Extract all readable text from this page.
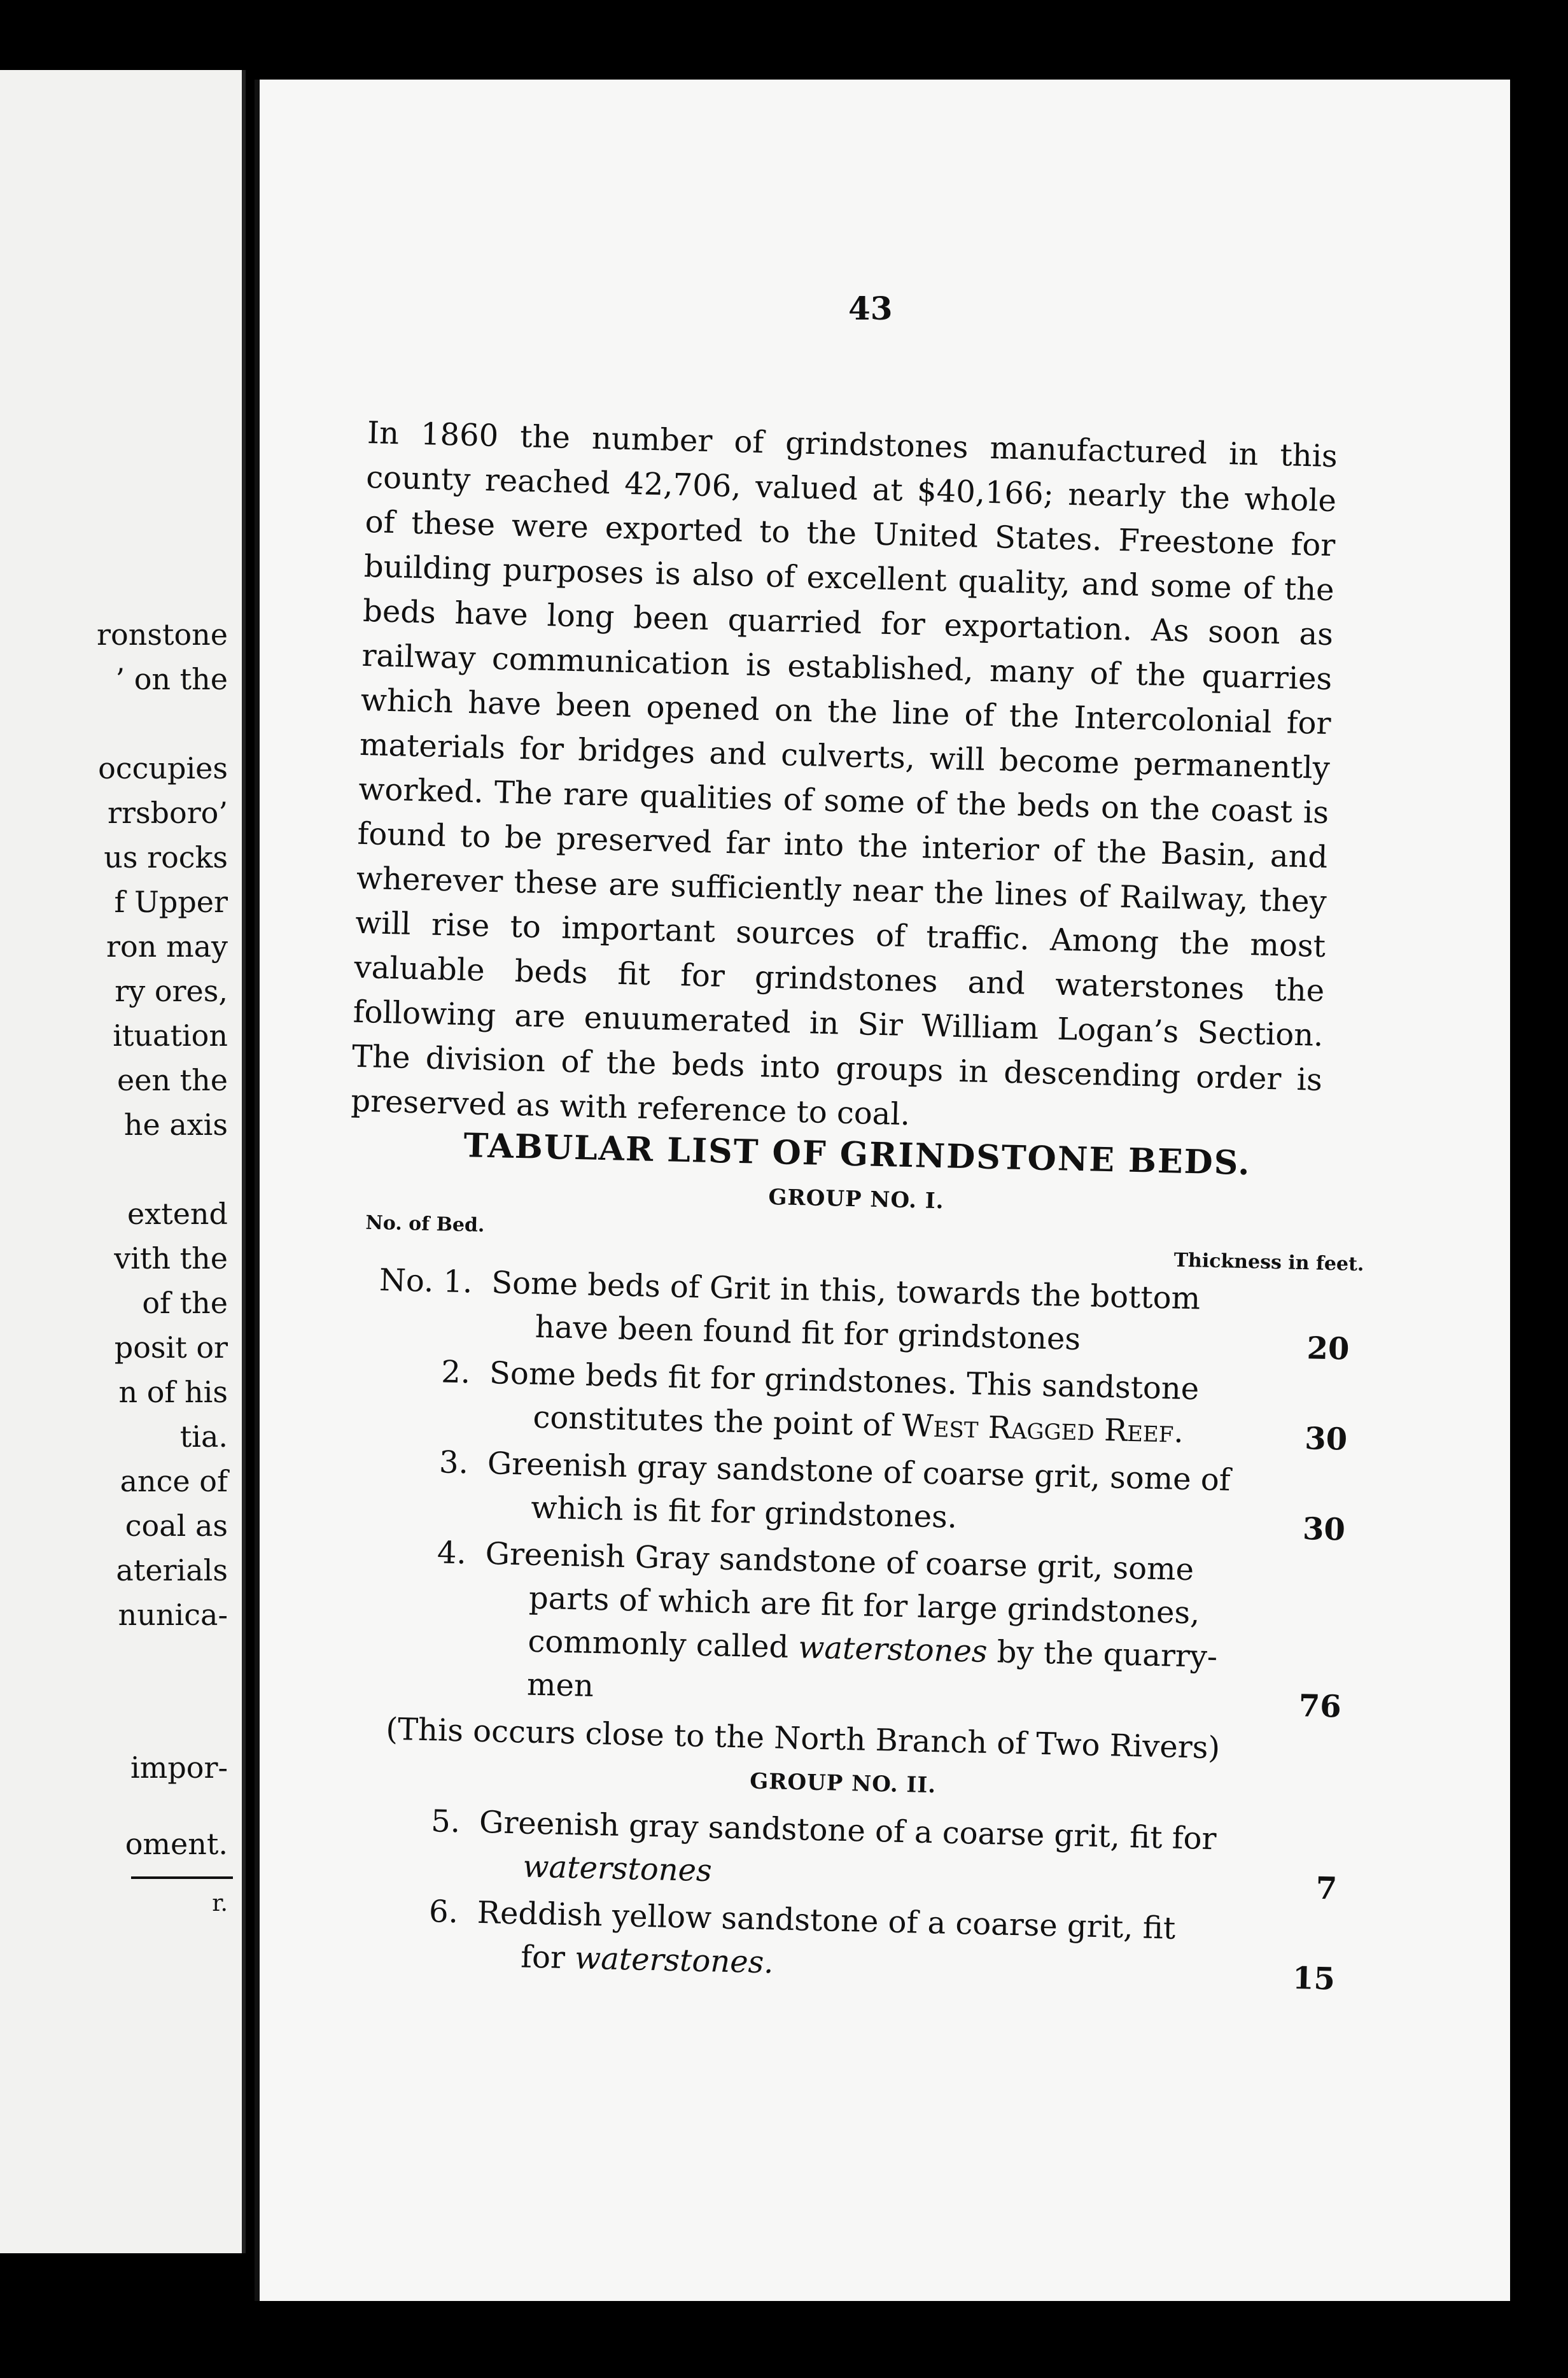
ronstone
’ on the
occupies
rrsboro’
us rocks
f Upper
ron may
ry ores,
ituation
een the
he axis
extend
vith the
of the
posit or
n of his
tia.
ance of
coal as
aterials
nunica-
impor-
oment.
r.
43

In 1860 the number of grindstones manufactured in this county reached 42,706, valued at $40,166; nearly the whole of these were exported to the United States. Freestone for building purposes is also of excellent quality, and some of the beds have long been quarried for exportation. As soon as railway communication is established, many of the quarries which have been opened on the line of the Intercolonial for materials for bridges and culverts, will become permanently worked. The rare qualities of some of the beds on the coast is found to be preserved far into the interior of the Basin, and wherever these are sufficiently near the lines of Railway, they will rise to important sources of traffic. Among the most valuable beds fit for grindstones and waterstones the following are enuumerated in Sir William Logan’s Section. The division of the beds into groups in descending order is preserved as with reference to coal.

TABULAR LIST OF GRINDSTONE BEDS.
GROUP NO. I.
No. of Bed.
Thickness in feet.
No. 1. Some beds of Grit in this, towards the bottom
have been found fit for grindstones	20
2. Some beds fit for grindstones. This sandstone
constitutes the point of West Ragged Reef.	30
3. Greenish gray sandstone of coarse grit, some of
which is fit for grindstones.	30
4. Greenish Gray sandstone of coarse grit, some
parts of which are fit for large grindstones,
commonly called waterstones by the quarry-
men
76
(This occurs close to the North Branch of Two Rivers)
GROUP NO. II.
5. Greenish gray sandstone of a coarse grit, fit for
waterstones	7
6. Reddish yellow sandstone of a coarse grit, fit
for waterstones.	15
